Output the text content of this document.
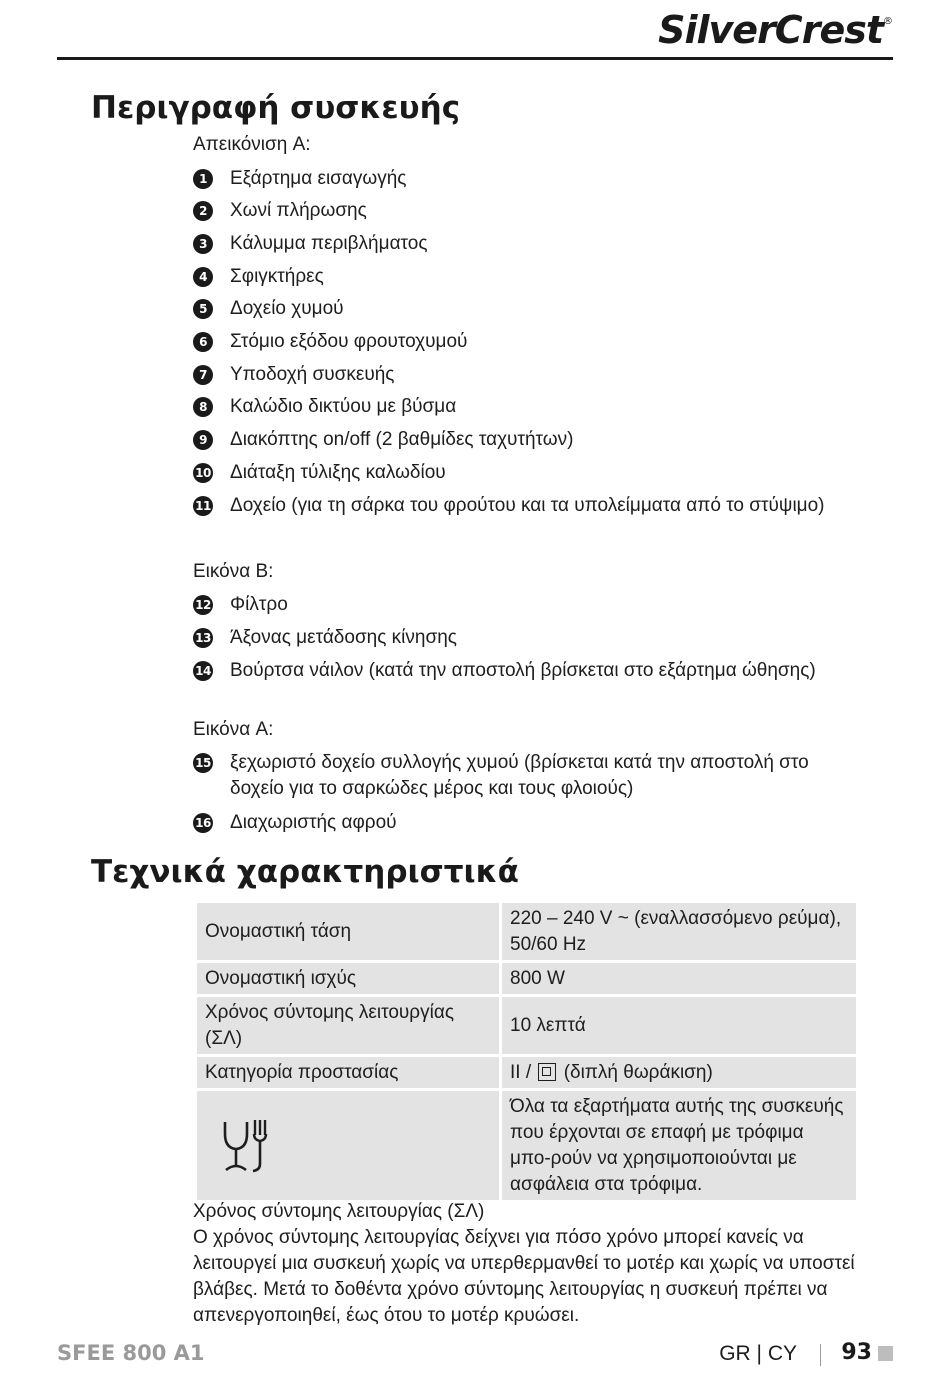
SilverCrest®
Περιγραφή συσκευής
Απεικόνιση A:
1	Εξάρτημα εισαγωγής
2	Χωνί πλήρωσης
3	Κάλυμμα περιβλήματος
4	Σφιγκτήρες
5	Δοχείο χυμού
6	Στόμιο εξόδου φρουτοχυμού
7	Υποδοχή συσκευής
8	Καλώδιο δικτύου με βύσμα
9	Διακόπτης on/off (2 βαθμίδες ταχυτήτων)
10 Διάταξη τύλιξης καλωδίου
11 Δοχείο (για τη σάρκα του φρούτου και τα υπολείμματα από το στύψιμο)
Εικόνα B:
12 Φίλτρο
13 Άξονας μετάδοσης κίνησης
14 Βούρτσα νάιλον (κατά την αποστολή βρίσκεται στο εξάρτημα ώθησης)
Εικόνα A:
15 ξεχωριστό δοχείο συλλογής χυμού (βρίσκεται κατά την αποστολή στο δοχείο για το σαρκώδες μέρος και τους φλοιούς)
16 Διαχωριστής αφρού
Τεχνικά χαρακτηριστικά
Ονομαστική τάση	220 – 240 V ~ (εναλλασσόμενο ρεύμα), 50/60 Hz
Ονομαστική ισχύς	800 W
Χρόνος σύντομης λειτουργίας (ΣΛ)	10 λεπτά
Κατηγορία προστασίας	II / (διπλή θωράκιση)

	Όλα τα εξαρτήματα αυτής της συσκευής που έρχονται σε επαφή με τρόφιμα μπο-ρούν να χρησιμοποιούνται με ασφάλεια στα τρόφιμα.
Χρόνος σύντομης λειτουργίας (ΣΛ)
Ο χρόνος σύντομης λειτουργίας δείχνει για πόσο χρόνο μπορεί κανείς να λειτουργεί μια συσκευή χωρίς να υπερθερμανθεί το μοτέρ και χωρίς να υποστεί βλάβες. Μετά το δοθέντα χρόνο σύντομης λειτουργίας η συσκευή πρέπει να απενεργοποιηθεί, έως ότου το μοτέρ κρυώσει.
SFEE 800 A1	GR | CY 93
